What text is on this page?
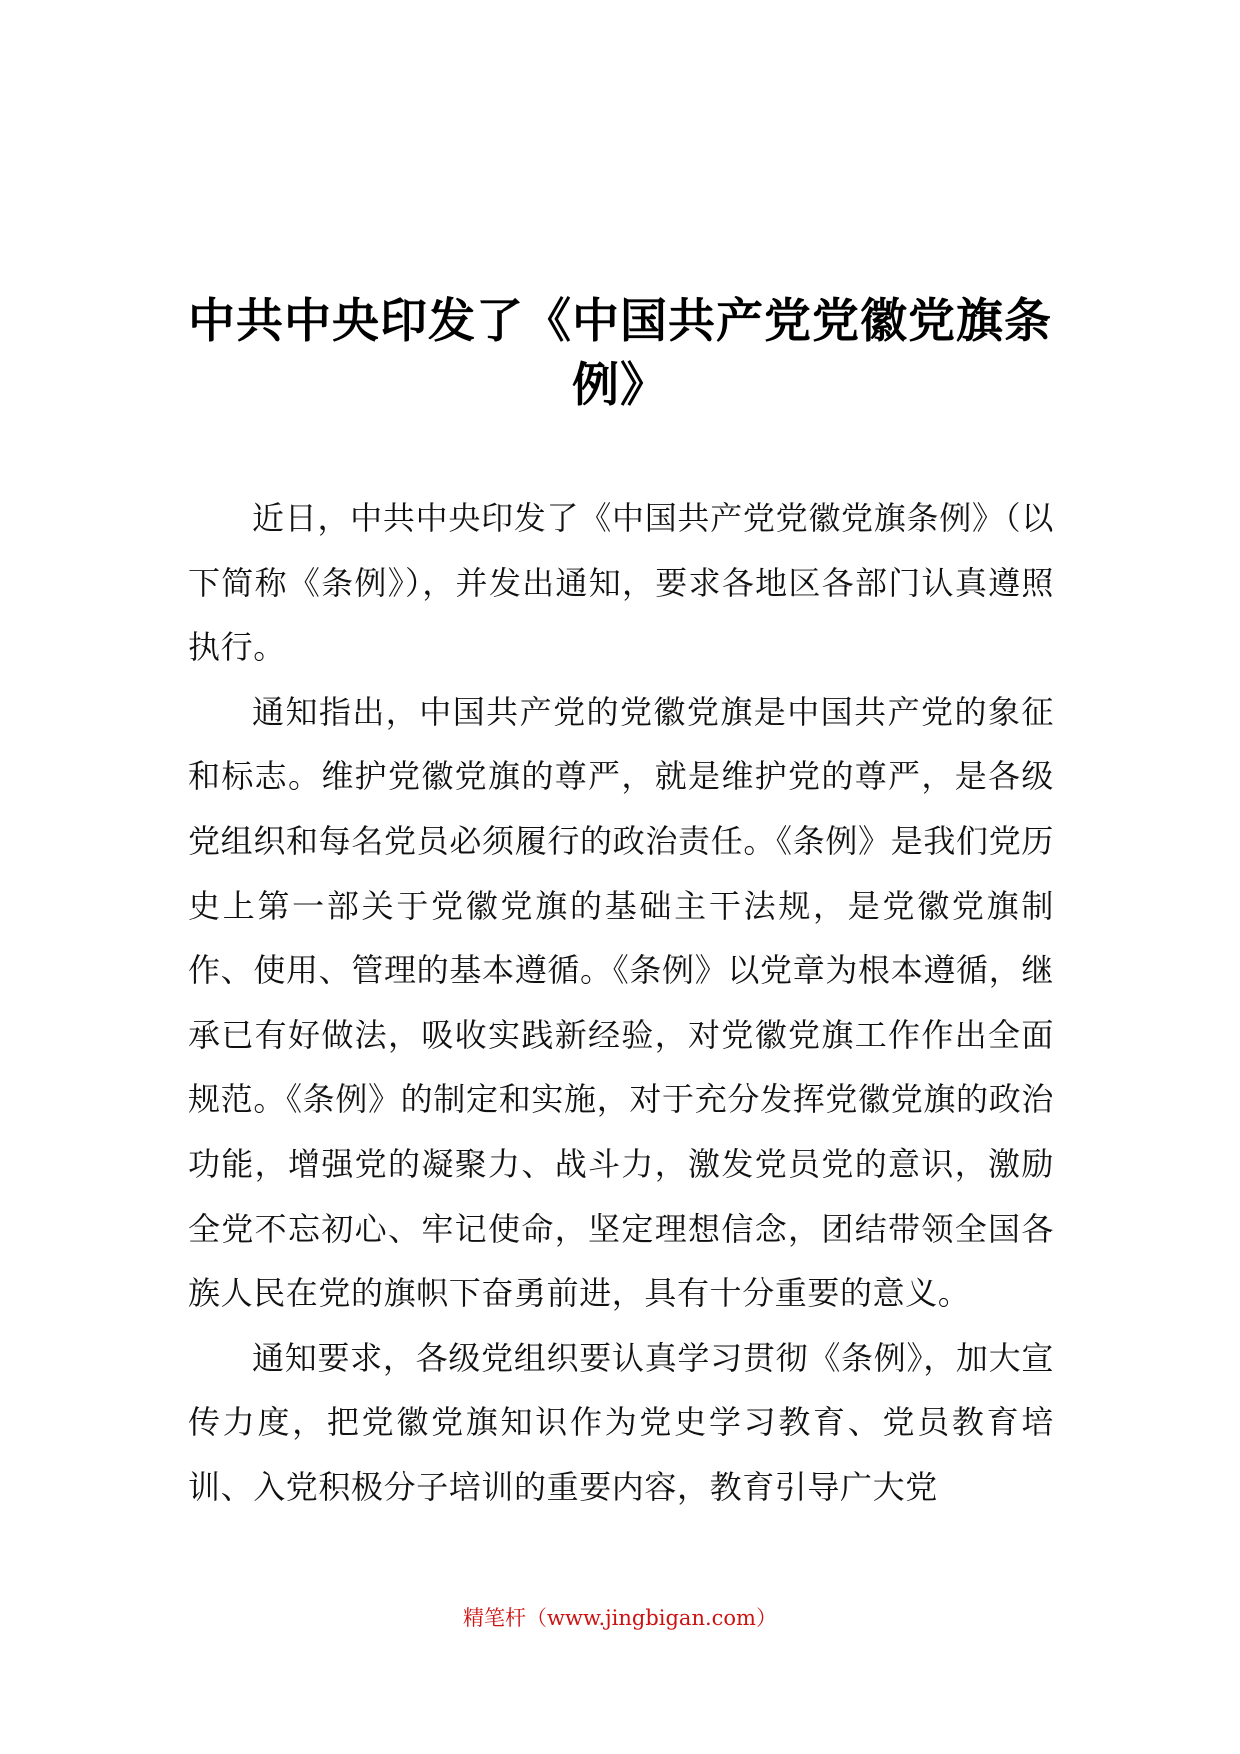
中共中央印发了《中国共产党党徽党旗条
例》

近日，中共中央印发了《中国共产党党徽党旗条例》（以下简称《条例》），并发出通知，要求各地区各部门认真遵照执行。

通知指出，中国共产党的党徽党旗是中国共产党的象征和标志。维护党徽党旗的尊严，就是维护党的尊严，是各级党组织和每名党员必须履行的政治责任。《条例》是我们党历史上第一部关于党徽党旗的基础主干法规，是党徽党旗制作、使用、管理的基本遵循。《条例》以党章为根本遵循，继承已有好做法，吸收实践新经验，对党徽党旗工作作出全面规范。《条例》的制定和实施，对于充分发挥党徽党旗的政治功能，增强党的凝聚力、战斗力，激发党员党的意识，激励全党不忘初心、牢记使命，坚定理想信念，团结带领全国各族人民在党的旗帜下奋勇前进，具有十分重要的意义。

通知要求，各级党组织要认真学习贯彻《条例》，加大宣传力度，把党徽党旗知识作为党史学习教育、党员教育培训、入党积极分子培训的重要内容，教育引导广大党

精笔杆（www.jingbigan.com）
